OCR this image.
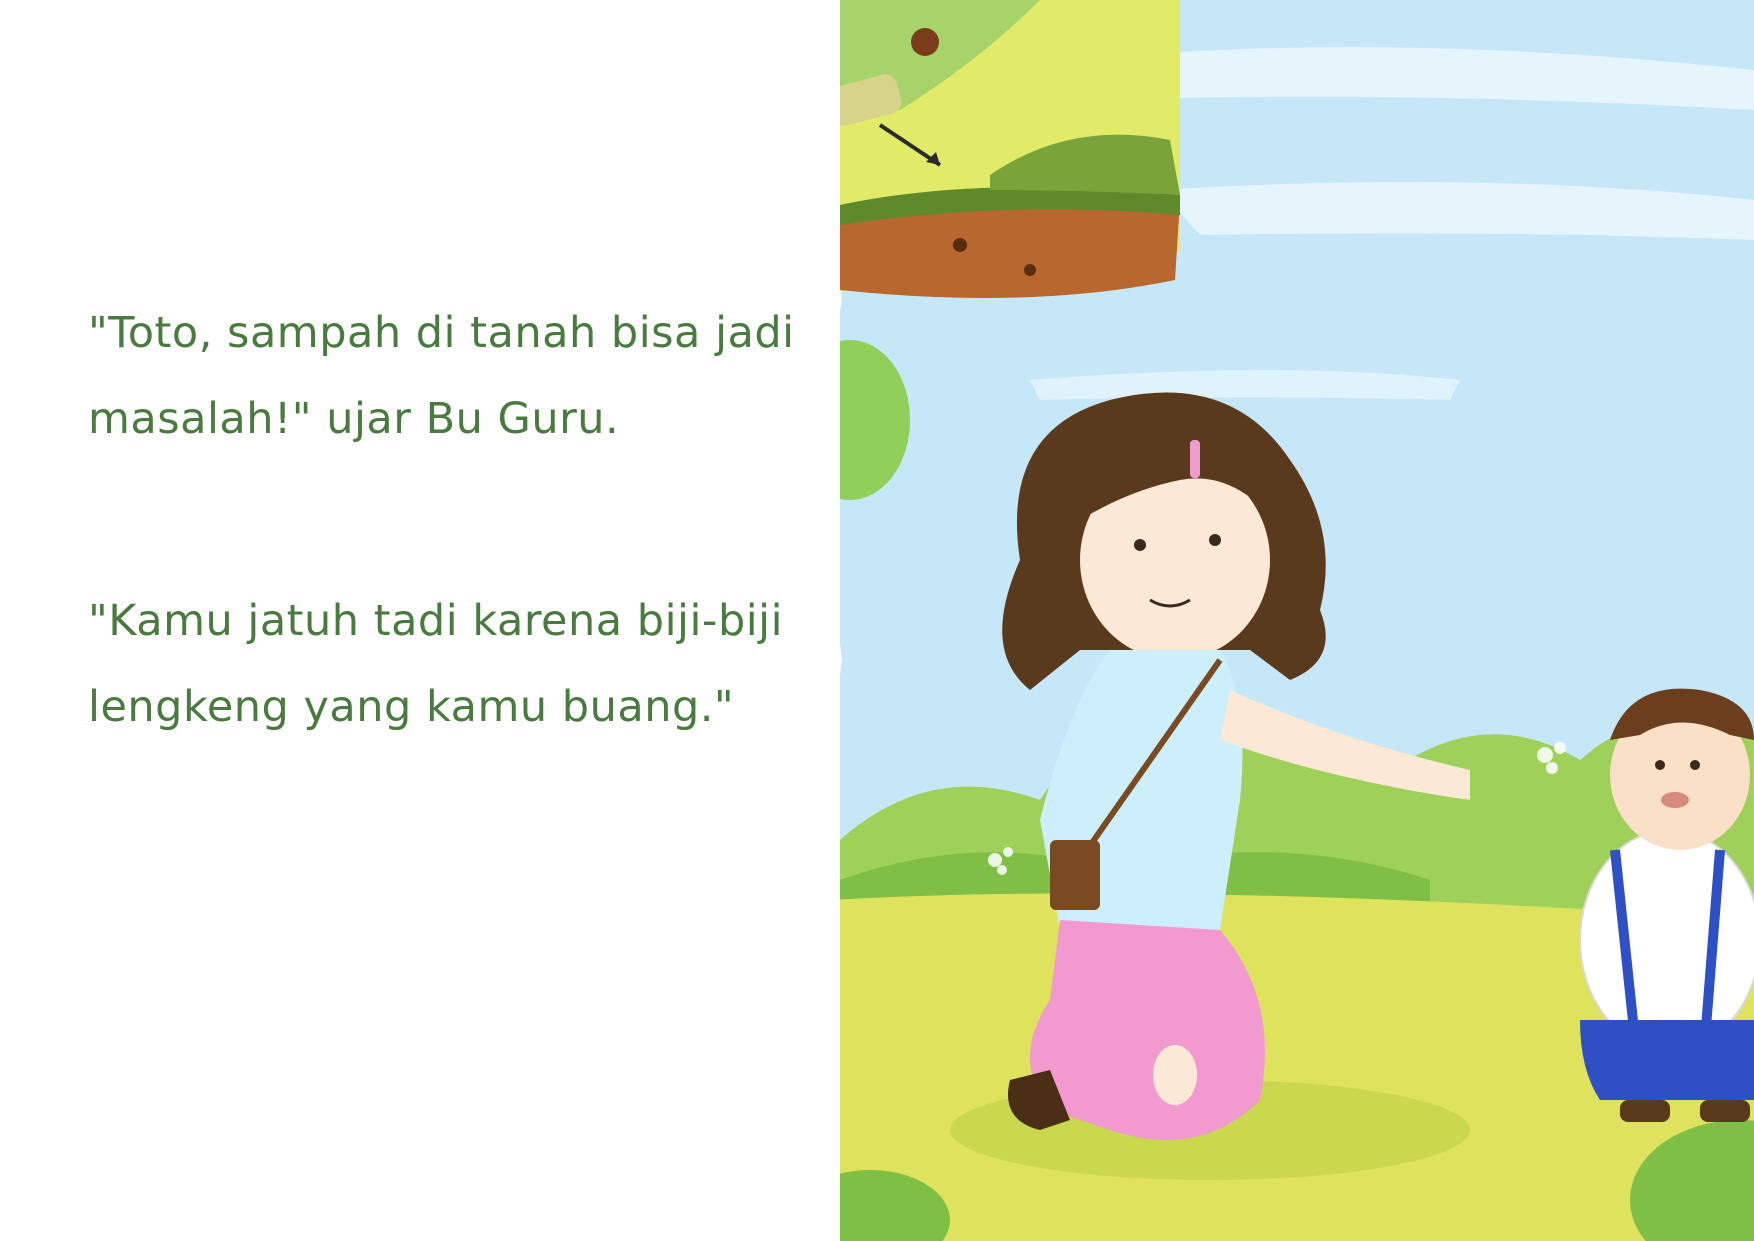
"Toto, sampah di tanah bisa jadi masalah!" ujar Bu Guru.

"Kamu jatuh tadi karena biji-biji lengkeng yang kamu buang."
